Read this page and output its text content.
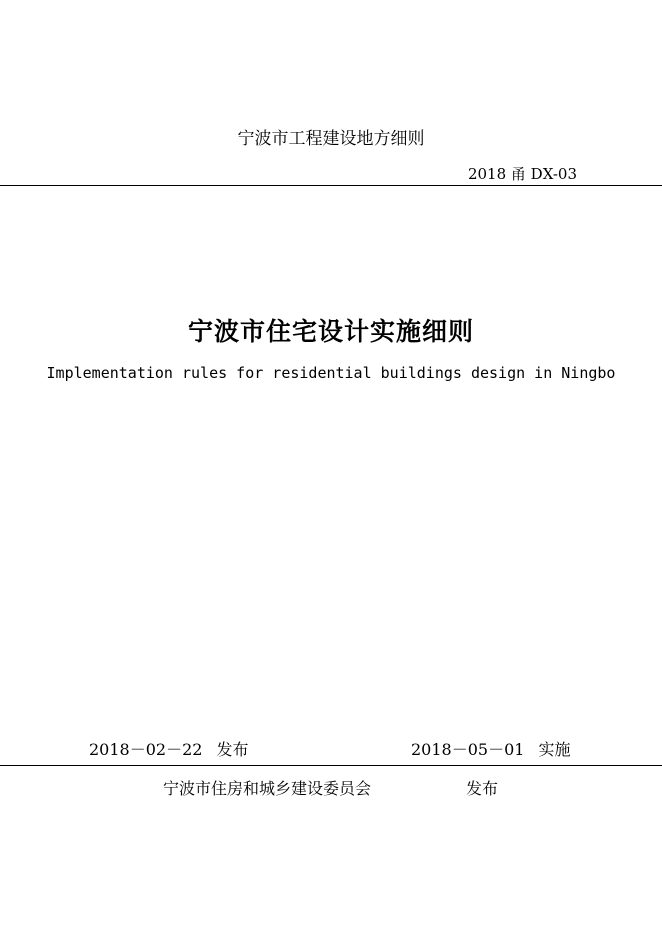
宁波市工程建设地方细则
2018 甬 DX-03
宁波市住宅设计实施细则
Implementation rules for residential buildings design in Ningbo
2018－02－22 发布	2018－05－01 实施
宁波市住房和城乡建设委员会	发布
